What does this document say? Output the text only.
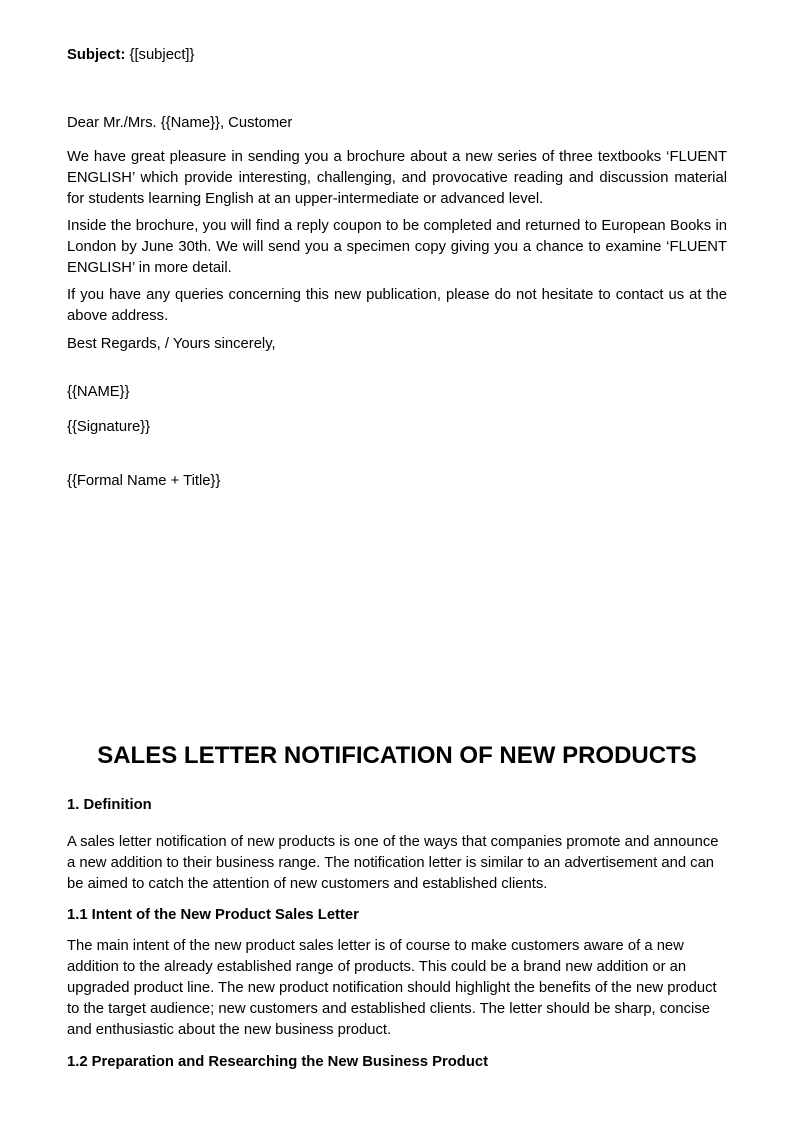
Subject: {[subject]}

Dear Mr./Mrs. {{Name}}, Customer

We have great pleasure in sending you a brochure about a new series of three textbooks ‘FLUENT ENGLISH’ which provide interesting, challenging, and provocative reading and discussion material for students learning English at an upper-intermediate or advanced level.

Inside the brochure, you will find a reply coupon to be completed and returned to European Books in London by June 30th. We will send you a specimen copy giving you a chance to examine ‘FLUENT ENGLISH’ in more detail.

If you have any queries concerning this new publication, please do not hesitate to contact us at the above address.

Best Regards, / Yours sincerely,

{{NAME}}

{{Signature}}

{{Formal Name + Title}}

SALES LETTER NOTIFICATION OF NEW PRODUCTS

1. Definition

A sales letter notification of new products is one of the ways that companies promote and announce a new addition to their business range. The notification letter is similar to an advertisement and can be aimed to catch the attention of new customers and established clients.

1.1 Intent of the New Product Sales Letter

The main intent of the new product sales letter is of course to make customers aware of a new addition to the already established range of products. This could be a brand new addition or an upgraded product line. The new product notification should highlight the benefits of the new product to the target audience; new customers and established clients. The letter should be sharp, concise and enthusiastic about the new business product.

1.2 Preparation and Researching the New Business Product
